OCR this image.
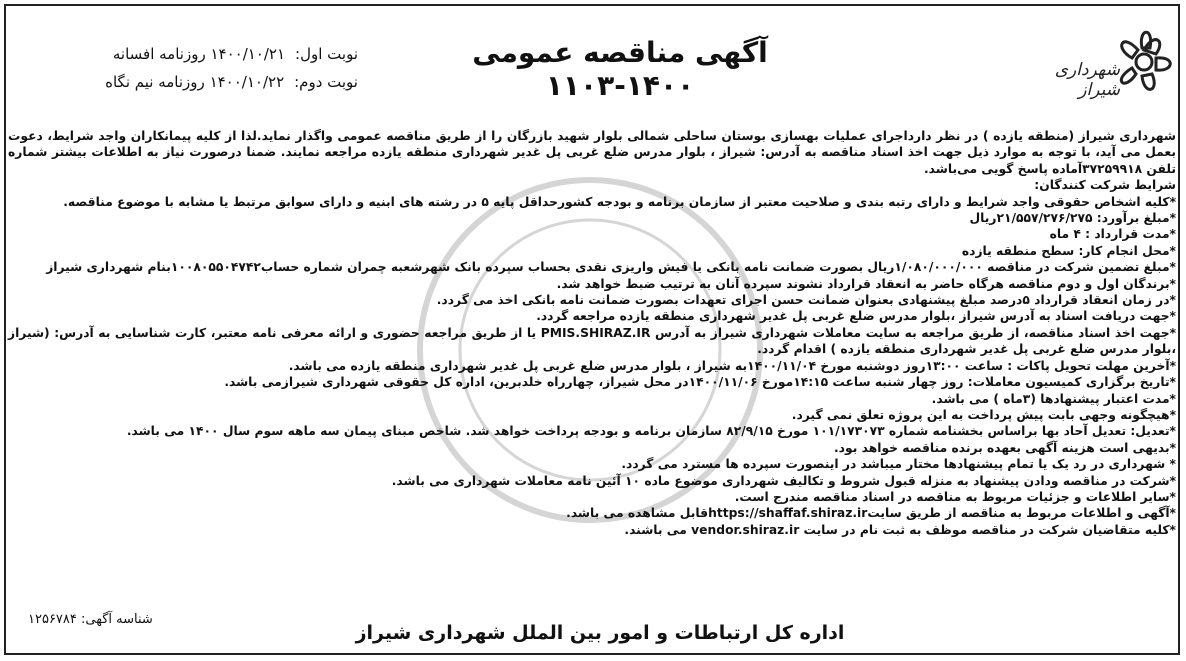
شهرداری شیراز
آگهی مناقصه عمومی ۱۴۰۰-۱۱۰۳
نوبت اول:
۱۴۰۰/۱۰/۲۱ روزنامه افسانه
نوبت دوم:
۱۴۰۰/۱۰/۲۲ روزنامه نیم نگاه

شهرداری شیراز (منطقه یازده ) در نظر دارداجرای عملیات بهسازی بوستان ساحلی شمالی بلوار شهید بازرگان را از طریق مناقصه عمومی واگذار نماید.لذا از کلیه پیمانکاران واجد شرایط، دعوت بعمل می آید، با توجه به موارد ذیل جهت اخذ اسناد مناقصه به آدرس: شیراز ، بلوار مدرس ضلع غربی پل غدیر شهرداری منطقه یازده مراجعه نمایند. ضمنا درصورت نیاز به اطلاعات بیشتر شماره تلفن ۳۷۲۵۹۹۱۸آماده پاسخ گویی می‌باشد.

شرایط شرکت کنندگان:

*کلیه اشخاص حقوقی واجد شرایط و دارای رتبه بندی و صلاحیت معتبر از سازمان برنامه و بودجه کشورحداقل پایه ۵ در رشته های ابنیه و دارای سوابق مرتبط یا مشابه با موضوع مناقصه.

*مبلغ برآورد: ۲۱/۵۵۷/۲۷۶/۲۷۵ریال

*مدت قرارداد : ۴ ماه

*محل انجام کار: سطح منطقه یازده

*مبلغ تضمین شرکت در مناقصه ۱/۰۸۰/۰۰۰/۰۰۰ریال بصورت ضمانت نامه بانکی یا فیش واریزی نقدی بحساب سپرده بانک شهرشعبه چمران شماره حساب۱۰۰۸۰۵۵۰۴۷۴۲بنام شهرداری شیراز

*برندگان اول و دوم مناقصه هرگاه حاضر به انعقاد قرارداد نشوند سپرده آنان به ترتیب ضبط خواهد شد.

*در زمان انعقاد قرارداد ۵درصد مبلغ پیشنهادی بعنوان ضمانت حسن اجرای تعهدات بصورت ضمانت نامه بانکی اخذ می گردد.

*جهت دریافت اسناد به آدرس شیراز ،بلوار مدرس ضلع غربی پل غدیر شهرداری منطقه یازده مراجعه گردد.

*جهت اخذ اسناد مناقصه، از طریق مراجعه به سایت معاملات شهرداری شیراز به آدرس PMIS.SHIRAZ.IR یا از طریق مراجعه حضوری و ارائه معرفی نامه معتبر، کارت شناسایی به آدرس: (شیراز ،بلوار مدرس ضلع غربی پل غدیر شهرداری منطقه یازده ) اقدام گردد.

*آخرین مهلت تحویل پاکات : ساعت ۱۳:۰۰روز دوشنبه مورخ ۱۴۰۰/۱۱/۰۴به شیراز ، بلوار مدرس ضلع غربی پل غدیر شهرداری منطقه یازده می باشد.

*تاریخ برگزاری کمیسیون معاملات: روز چهار شنبه ساعت ۱۴:۱۵مورخ ۱۴۰۰/۱۱/۰۶در محل شیراز، چهارراه خلدبرین، اداره کل حقوقی شهرداری شیرازمی باشد.

*مدت اعتبار پیشنهادها (۳ماه ) می باشد.

*هیچگونه وجهی بابت پیش پرداخت به این پروژه تعلق نمی گیرد.

*تعدیل: تعدیل آحاد بها براساس بخشنامه شماره ۱۰۱/۱۷۳۰۷۳ مورخ ۸۲/۹/۱۵ سازمان برنامه و بودجه پرداخت خواهد شد. شاخص مبنای پیمان سه ماهه سوم سال ۱۴۰۰ می باشد.

*بدیهی است هزینه آگهی بعهده برنده مناقصه خواهد بود.

* شهرداری در رد یک یا تمام پیشنهادها مختار میباشد در اینصورت سپرده ها مسترد می گردد.

*شرکت در مناقصه ودادن پیشنهاد به منزله قبول شروط و تکالیف شهرداری موضوع ماده ۱۰ آئین نامه معاملات شهرداری می باشد.

*سایر اطلاعات و جزئیات مربوط به مناقصه در اسناد مناقصه مندرج است.

*آگهی و اطلاعات مربوط به مناقصه از طریق سایتhttps://shaffaf.shiraz.irقابل مشاهده می باشد.

*کلیه متقاضیان شرکت در مناقصه موظف به ثبت نام در سایت vendor.shiraz.ir می باشند.

شناسه آگهی: ۱۲۵۶۷۸۴
اداره کل ارتباطات و امور بین الملل شهرداری شیراز
